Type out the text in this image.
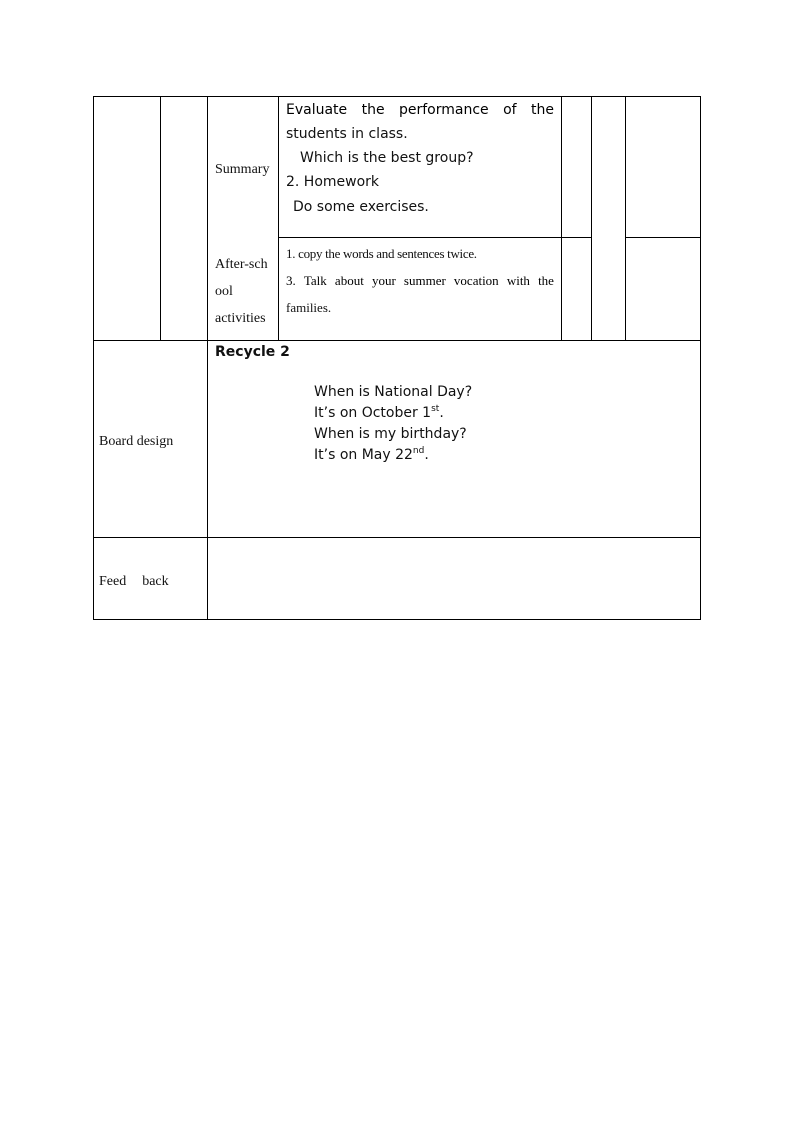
Summary
Evaluate the performance of the
students in class.
Which is the best group?
2. Homework
Do some exercises.
After-sch
ool
activities
1. copy the words and sentences twice.
3. Talk about your summer vocation with the
families.
Board design
Recycle 2
When is National Day?
It’s on October 1st.
When is my birthday?
It’s on May 22nd.
Feed back
